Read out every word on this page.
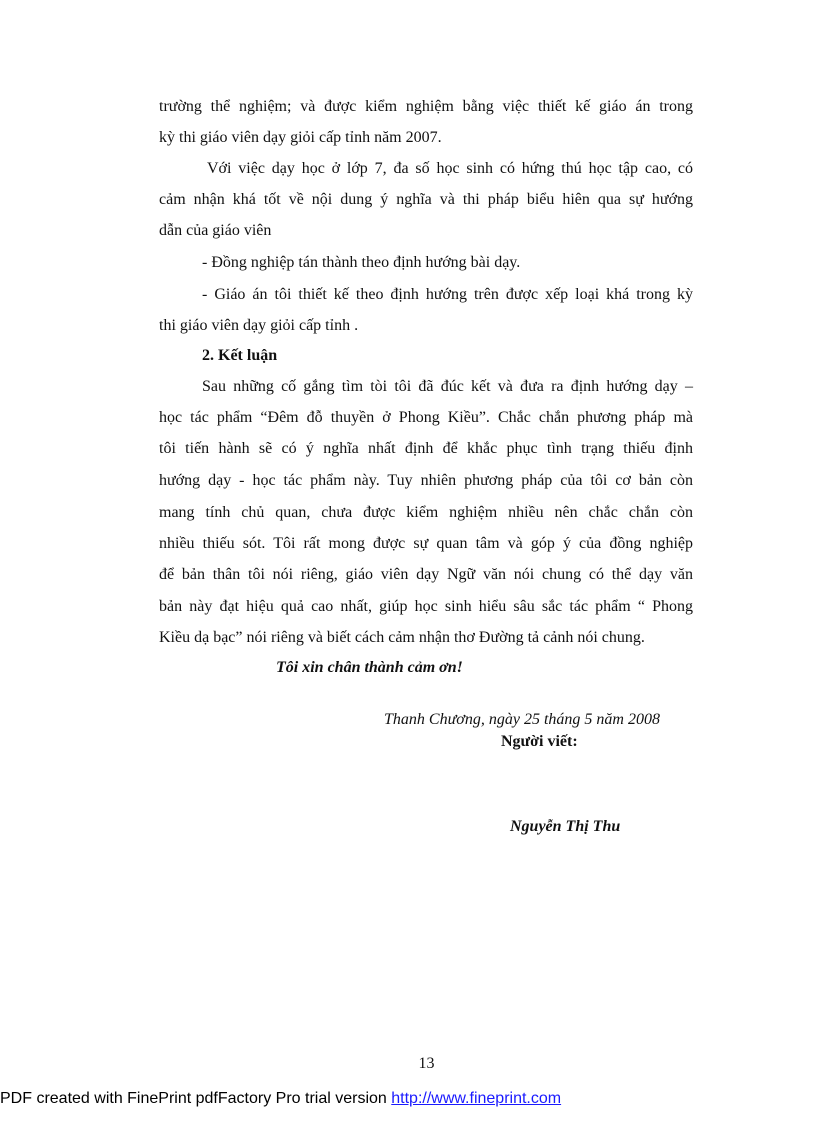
trường thể nghiệm; và được kiểm nghiệm bằng việc thiết kế giáo án trong

kỳ thi giáo viên dạy giỏi cấp tỉnh năm 2007.

Với việc dạy học ở lớp 7, đa số học sinh có hứng thú học tập cao, có

cảm nhận khá tốt về nội dung ý nghĩa và thi pháp biểu hiên qua sự hướng

dẫn của giáo viên

- Đồng nghiệp tán thành theo định hướng bài dạy.

- Giáo án tôi thiết kế theo định hướng trên được xếp loại khá trong kỳ

thi giáo viên dạy giỏi cấp tỉnh .

2. Kết luận

Sau những cố gắng tìm tòi tôi đã đúc kết và đưa ra định hướng dạy –

học tác phẩm “Đêm đỗ thuyền ở Phong Kiều”. Chắc chắn phương pháp mà

tôi tiến hành sẽ có ý nghĩa nhất định để khắc phục tình trạng thiếu định

hướng dạy - học tác phẩm này. Tuy nhiên phương pháp của tôi cơ bản còn

mang tính chủ quan, chưa được kiểm nghiệm nhiều nên chắc chắn còn

nhiều thiếu sót. Tôi rất mong được sự quan tâm và góp ý của đồng nghiệp

để bản thân tôi nói riêng, giáo viên dạy Ngữ văn nói chung có thể dạy văn

bản này đạt hiệu quả cao nhất, giúp học sinh hiểu sâu sắc tác phẩm “ Phong

Kiều dạ bạc” nói riêng và biết cách cảm nhận thơ Đường tả cảnh nói chung.

Tôi xin chân thành cảm ơn!
Thanh Chương, ngày 25 tháng 5 năm 2008
Người viết:
Nguyễn Thị Thu
13
PDF created with FinePrint pdfFactory Pro trial version http://www.fineprint.com
